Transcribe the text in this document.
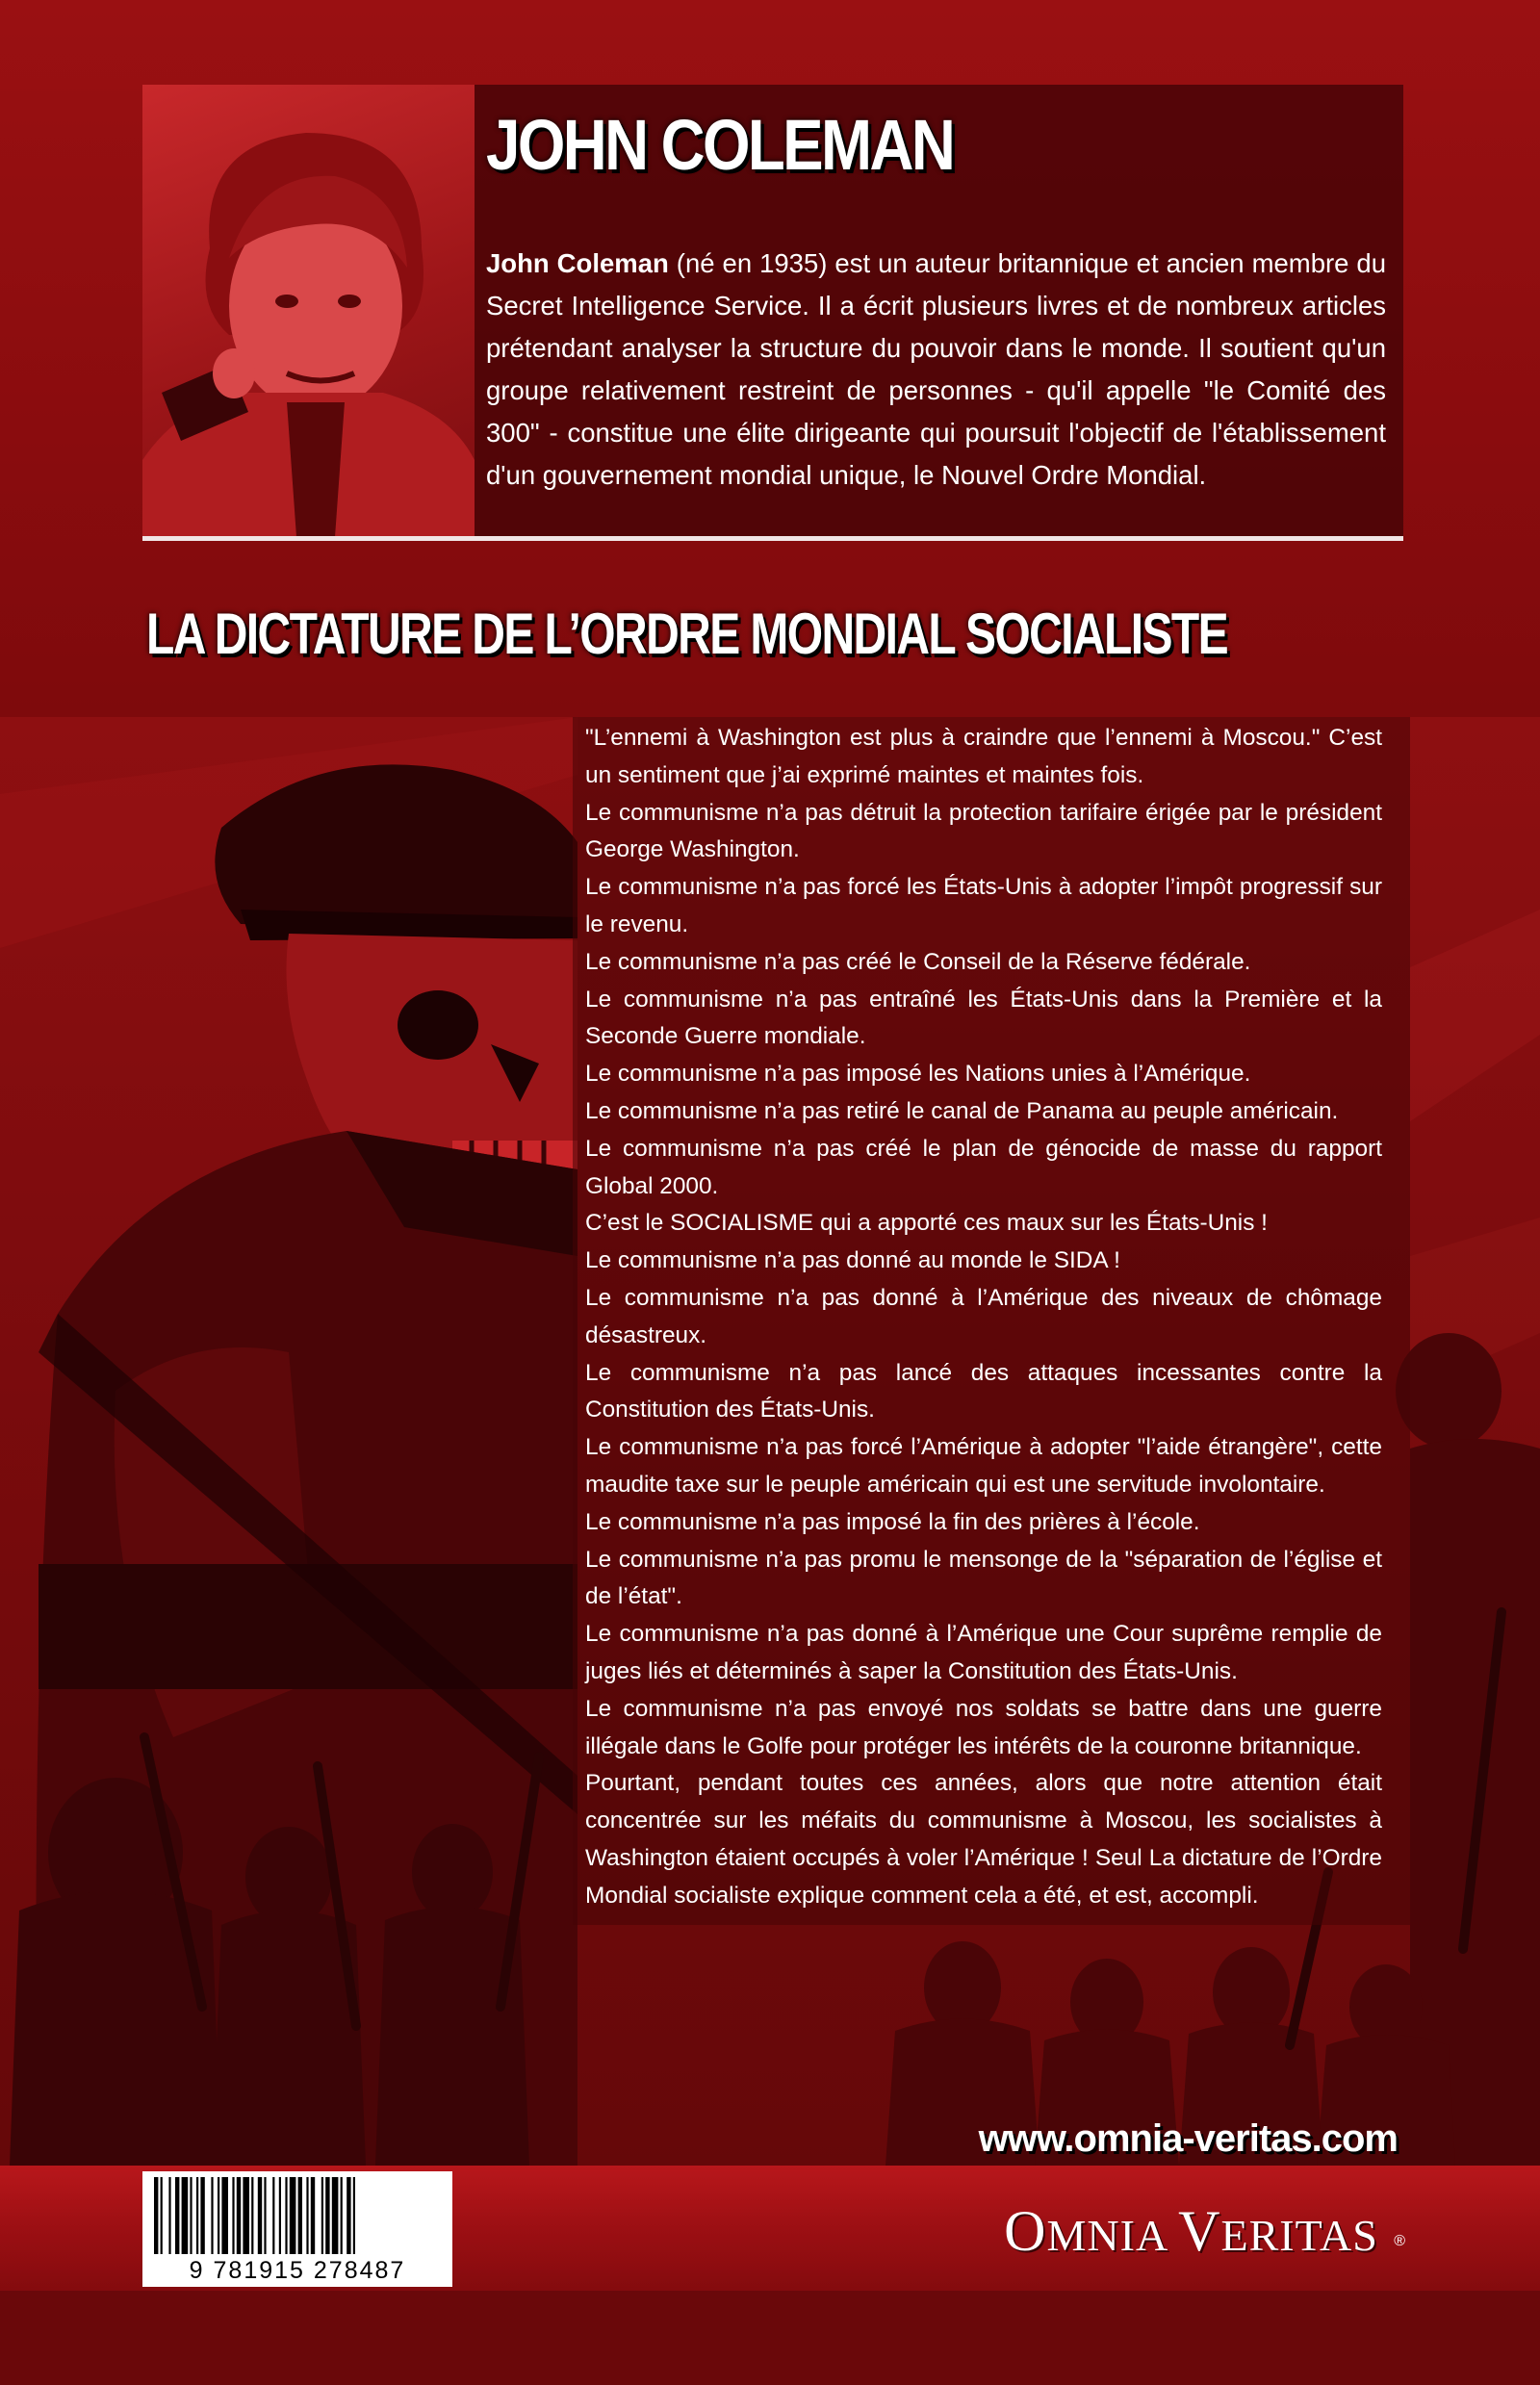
JOHN COLEMAN

John Coleman (né en 1935) est un auteur britannique et ancien membre du Secret Intelligence Service. Il a écrit plusieurs livres et de nombreux articles prétendant analyser la structure du pouvoir dans le monde. Il soutient qu'un groupe relativement restreint de personnes - qu'il appelle "le Comité des 300" - constitue une élite dirigeante qui poursuit l'objectif de l'établissement d'un gouvernement mondial unique, le Nouvel Ordre Mondial.

LA DICTATURE DE L’ORDRE MONDIAL SOCIALISTE

"L’ennemi à Washington est plus à craindre que l’ennemi à Moscou." C’est un sentiment que j’ai exprimé maintes et maintes fois.

Le communisme n’a pas détruit la protection tarifaire érigée par le président George Washington.

Le communisme n’a pas forcé les États-Unis à adopter l’impôt progressif sur le revenu.

Le communisme n’a pas créé le Conseil de la Réserve fédérale.

Le communisme n’a pas entraîné les États-Unis dans la Première et la Seconde Guerre mondiale.

Le communisme n’a pas imposé les Nations unies à l’Amérique.

Le communisme n’a pas retiré le canal de Panama au peuple américain.

Le communisme n’a pas créé le plan de génocide de masse du rapport Global 2000.

C’est le SOCIALISME qui a apporté ces maux sur les États-Unis !

Le communisme n’a pas donné au monde le SIDA !

Le communisme n’a pas donné à l’Amérique des niveaux de chômage désastreux.

Le communisme n’a pas lancé des attaques incessantes contre la Constitution des États-Unis.

Le communisme n’a pas forcé l’Amérique à adopter "l’aide étrangère", cette maudite taxe sur le peuple américain qui est une servitude involontaire.

Le communisme n’a pas imposé la fin des prières à l’école.

Le communisme n’a pas promu le mensonge de la "séparation de l’église et de l’état".

Le communisme n’a pas donné à l’Amérique une Cour suprême remplie de juges liés et déterminés à saper la Constitution des États-Unis.

Le communisme n’a pas envoyé nos soldats se battre dans une guerre illégale dans le Golfe pour protéger les intérêts de la couronne britannique.

Pourtant, pendant toutes ces années, alors que notre attention était concentrée sur les méfaits du communisme à Moscou, les socialistes à Washington étaient occupés à voler l’Amérique ! Seul La dictature de l’Ordre Mondial socialiste explique comment cela a été, et est, accompli.

www.omnia-veritas.com
9 781915 278487
OMNIA VERITAS	®
